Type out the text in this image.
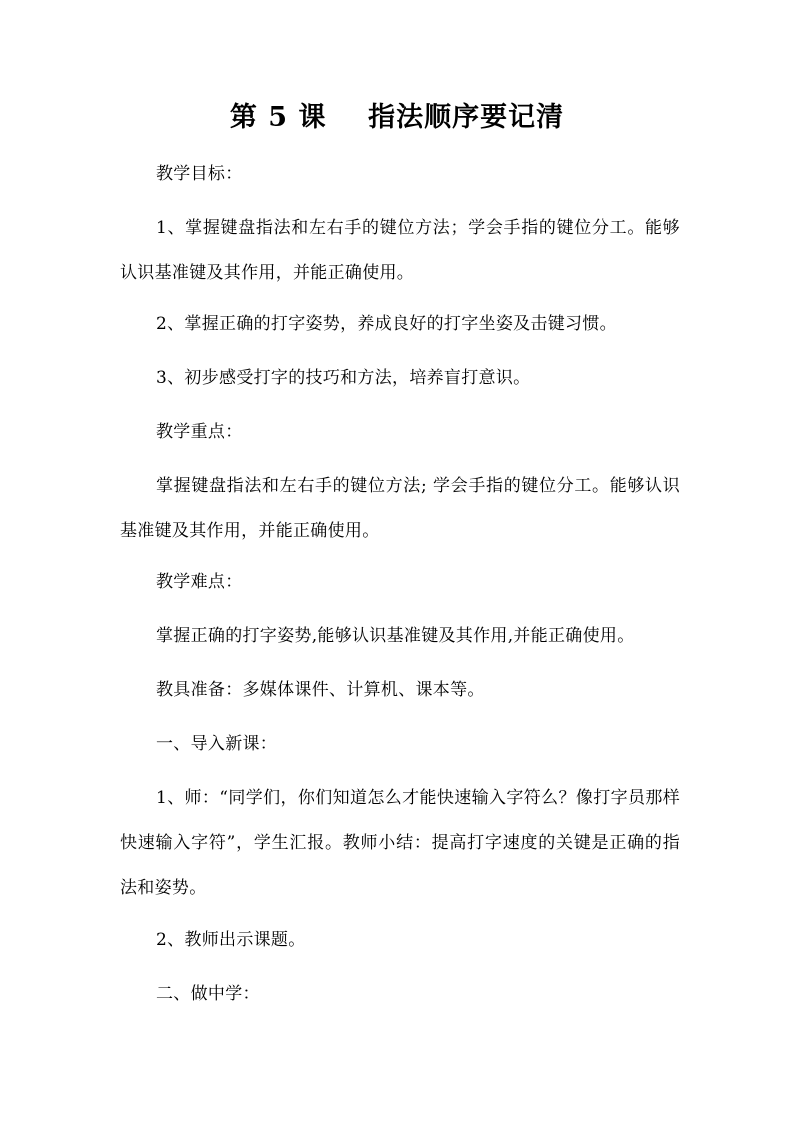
第 5 课    指法顺序要记清

教学目标：

1、掌握键盘指法和左右手的键位方法；学会手指的键位分工。能够认识基准键及其作用，并能正确使用。

2、掌握正确的打字姿势，养成良好的打字坐姿及击键习惯。

3、初步感受打字的技巧和方法，培养盲打意识。

教学重点：

掌握键盘指法和左右手的键位方法; 学会手指的键位分工。能够认识基准键及其作用，并能正确使用。

教学难点：

掌握正确的打字姿势,能够认识基准键及其作用,并能正确使用。

教具准备：多媒体课件、计算机、课本等。

一、导入新课：

1、师：“同学们，你们知道怎么才能快速输入字符么？像打字员那样快速输入字符”，学生汇报。教师小结：提高打字速度的关键是正确的指法和姿势。

2、教师出示课题。

二、做中学：
